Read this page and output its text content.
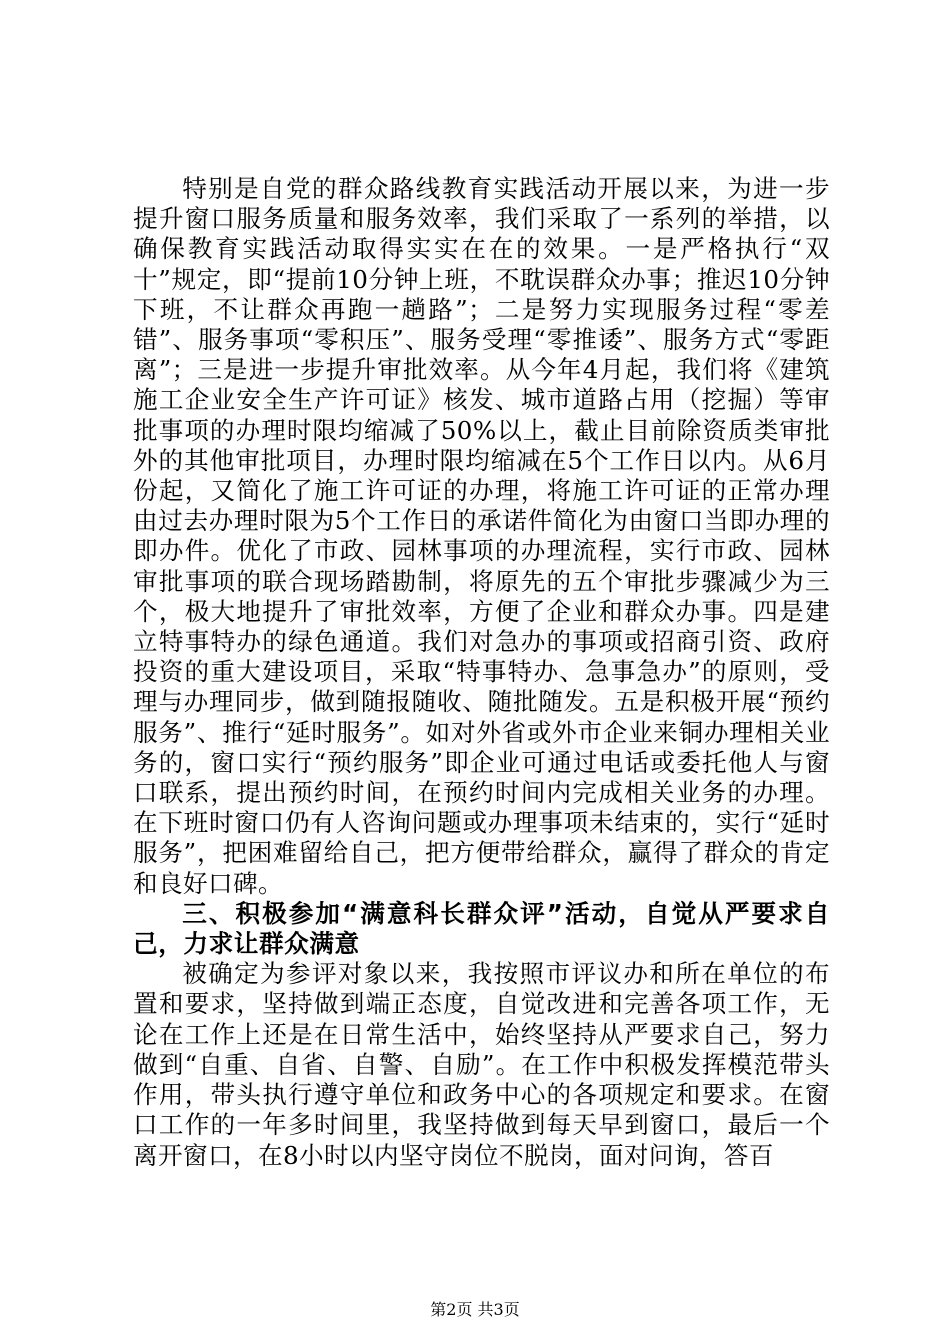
特别是自党的群众路线教育实践活动开展以来，为进一步提升窗口服务质量和服务效率，我们采取了一系列的举措，以确保教育实践活动取得实实在在的效果。一是严格执行“双十”规定，即“提前10分钟上班，不耽误群众办事；推迟10分钟下班，不让群众再跑一趟路”；二是努力实现服务过程“零差错”、服务事项“零积压”、服务受理“零推诿”、服务方式“零距离”；三是进一步提升审批效率。从今年4月起，我们将《建筑施工企业安全生产许可证》核发、城市道路占用（挖掘）等审批事项的办理时限均缩减了50%以上，截止目前除资质类审批外的其他审批项目，办理时限均缩减在5个工作日以内。从6月份起，又简化了施工许可证的办理，将施工许可证的正常办理由过去办理时限为5个工作日的承诺件简化为由窗口当即办理的即办件。优化了市政、园林事项的办理流程，实行市政、园林审批事项的联合现场踏勘制，将原先的五个审批步骤减少为三个，极大地提升了审批效率，方便了企业和群众办事。四是建立特事特办的绿色通道。我们对急办的事项或招商引资、政府投资的重大建设项目，采取“特事特办、急事急办”的原则，受理与办理同步，做到随报随收、随批随发。五是积极开展“预约服务”、推行“延时服务”。如对外省或外市企业来铜办理相关业务的，窗口实行“预约服务”即企业可通过电话或委托他人与窗口联系，提出预约时间，在预约时间内完成相关业务的办理。在下班时窗口仍有人咨询问题或办理事项未结束的，实行“延时服务”，把困难留给自己，把方便带给群众，赢得了群众的肯定和良好口碑。

三、积极参加“满意科长群众评”活动，自觉从严要求自己，力求让群众满意

被确定为参评对象以来，我按照市评议办和所在单位的布置和要求，坚持做到端正态度，自觉改进和完善各项工作，无论在工作上还是在日常生活中，始终坚持从严要求自己，努力做到“自重、自省、自警、自励”。在工作中积极发挥模范带头作用，带头执行遵守单位和政务中心的各项规定和要求。在窗口工作的一年多时间里，我坚持做到每天早到窗口，最后一个离开窗口，在8小时以内坚守岗位不脱岗，面对问询，答百

第2页 共3页
